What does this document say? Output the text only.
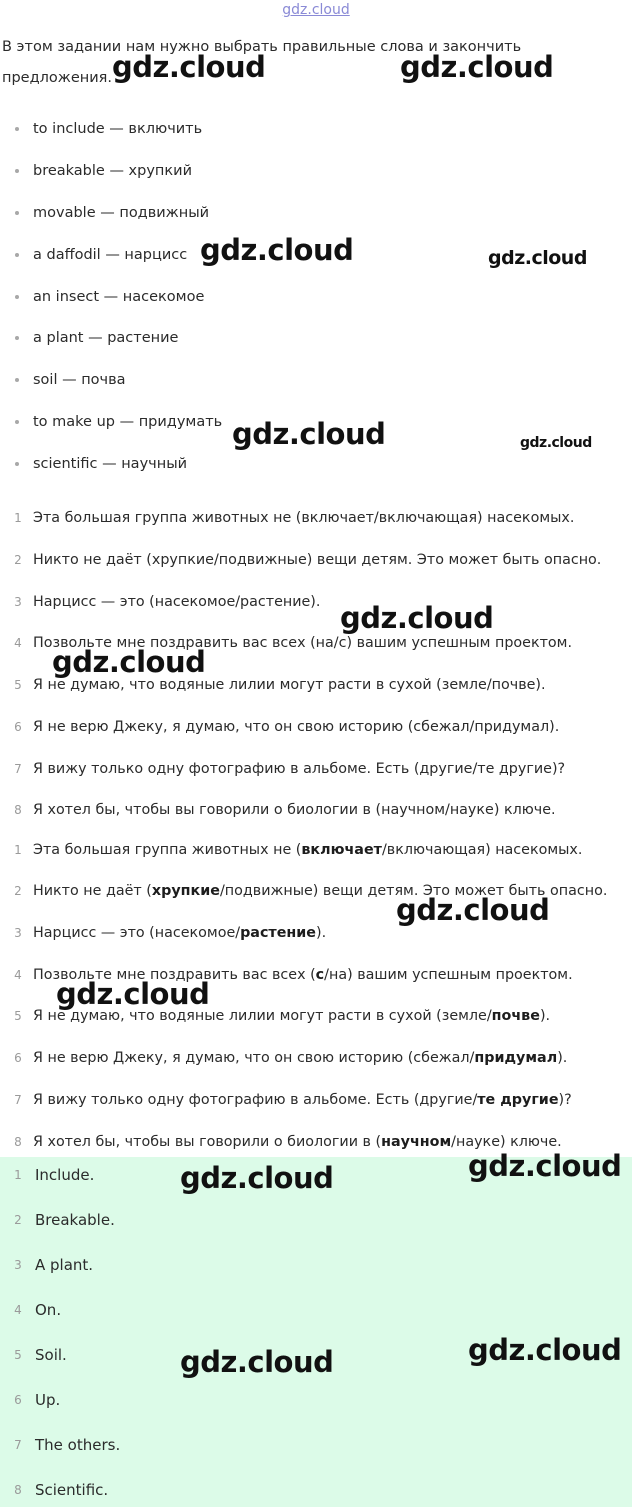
gdz.cloud
В этом задании нам нужно выбрать правильные слова и закончить предложения.
to include — включить
breakable — хрупкий
movable — подвижный
a daffodil — нарцисс
an insect — насекомое
a plant — растение
soil — почва
to make up — придумать
scientific — научный
1 Эта большая группа животных не (включает/включающая) насекомых.
2 Никто не даёт (хрупкие/подвижные) вещи детям. Это может быть опасно.
3 Нарцисс — это (насекомое/растение).
4 Позвольте мне поздравить вас всех (на/с) вашим успешным проектом.
5 Я не думаю, что водяные лилии могут расти в сухой (земле/почве).
6 Я не верю Джеку, я думаю, что он свою историю (сбежал/придумал).
7 Я вижу только одну фотографию в альбоме. Есть (другие/те другие)?
8 Я хотел бы, чтобы вы говорили о биологии в (научном/науке) ключе.
1 Эта большая группа животных не (включает/включающая) насекомых.
2 Никто не даёт (хрупкие/подвижные) вещи детям. Это может быть опасно.
3 Нарцисс — это (насекомое/растение).
4 Позвольте мне поздравить вас всех (с/на) вашим успешным проектом.
5 Я не думаю, что водяные лилии могут расти в сухой (земле/почве).
6 Я не верю Джеку, я думаю, что он свою историю (сбежал/придумал).
7 Я вижу только одну фотографию в альбоме. Есть (другие/те другие)?
8 Я хотел бы, чтобы вы говорили о биологии в (научном/науке) ключе.
1 Include.
2 Breakable.
3 A plant.
4 On.
5 Soil.
6 Up.
7 The others.
8 Scientific.
gdz.cloud	gdz.cloud
gdz.cloud	gdz.cloud
gdz.cloud	gdz.cloud
gdz.cloud
gdz.cloud
gdz.cloud
gdz.cloud
gdz.cloud	gdz.cloud
gdz.cloud	gdz.cloud
